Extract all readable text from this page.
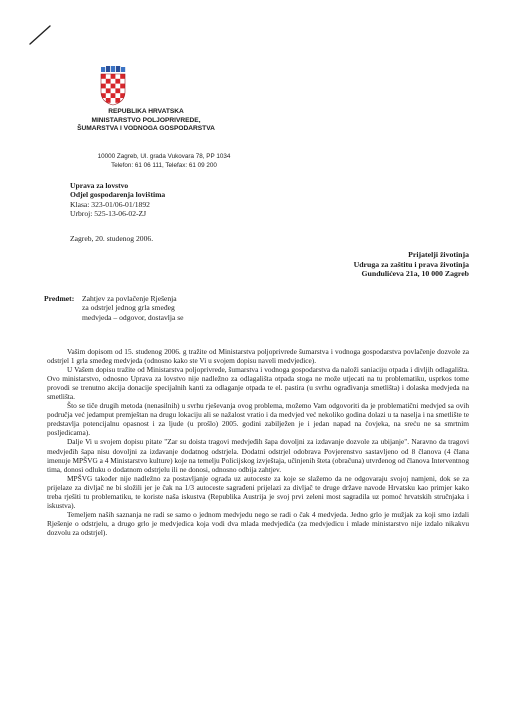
REPUBLIKA HRVATSKA
MINISTARSTVO POLJOPRIVREDE,
ŠUMARSTVA I VODNOGA GOSPODARSTVA
10000 Zagreb, Ul. grada Vukovara 78, PP 1034
Telefon: 61 06 111, Telefax: 61 09 200
Uprava za lovstvo
Odjel gospodarenja lovištima
Klasa: 323-01/06-01/1892
Urbroj: 525-13-06-02-ZJ
Zagreb, 20. studenog 2006.
Prijatelji životinja
Udruga za zaštitu i prava životinja
Gundulićeva 21a, 10 000 Zagreb
Predmet: Zahtjev za povlačenje Rješenja
za odstrjel jednog grla smeđeg
medvjeda – odgovor, dostavlja se

Vašim dopisom od 15. studenog 2006. g tražite od Ministarstva poljoprivrede šumarstva i vodnoga gospodarstva povlačenje dozvole za odstrjel 1 grla smeđeg medvjeda (odnosno kako ste Vi u svojem dopisu naveli medvjedice).

U Vašem dopisu tražite od Ministarstva poljoprivrede, šumarstva i vodnoga gospodarstva da naloži saniaciju otpada i divljih odlagališta. Ovo ministarstvo, odnosno Uprava za lovstvo nije nadležno za odlagališta otpada stoga ne može utjecati na tu problematiku, usprkos tome provodi se trenutno akcija donacije specijalnih kanti za odlaganje otpada te el. pastira (u svrhu ograđivanja smetlišta) i dolaska medvjeda na smetlišta.

Što se tiče drugih metoda (nenasilnih) u svrhu rješevanja ovog problema, možemo Vam odgovoriti da je problematični medvjed sa ovih područja već jedamput premještan na drugu lokaciju ali se nažalost vratio i da medvjed već nekoliko godina dolazi u ta naselja i na smetlište te predstavlja potencijalnu opasnost i za ljude (u prošlo) 2005. godini zabilježen je i jedan napad na čovjeka, na sreću ne sa smrtnim posljedicama).

Dalje Vi u svojem dopisu pitate "Zar su doista tragovi medvjeđih šapa dovoljni za izdavanje dozvole za ubijanje". Naravno da tragovi medvjeđih šapa nisu dovoljni za izdavanje dodatnog odstrjela. Dodatni odstrjel odobrava Povjerenstvo sastavljeno od 8 članova (4 člana imenuje MPŠVG a 4 Ministarstvo kulture) koje na temelju Policijskog izvještaja, učinjenih šteta (obračuna) utvrđenog od članova Interventnog tima, donosi odluku o dodatnom odstrjelu ili ne donosi, odnosno odbija zahtjev.

MPŠVG također nije nadležno za postavljanje ograda uz autoceste za koje se slažemo da ne odgovaraju svojoj namjeni, dok se za prijelaze za divljač ne bi složili jer je čak na 1/3 autoceste sagrađeni prijelazi za divljač te druge države navode Hrvatsku kao primjer kako treba rješiti tu problematiku, te koriste naša iskustva (Republika Austrija je svoj prvi zeleni most sagradila uz pomoć hrvatskih stručnjaka i iskustva).

Temeljem naših saznanja ne radi se samo o jednom medvjedu nego se radi o čak 4 medvjeda. Jedno grlo je mužjak za koji smo izdali Rješenje o odstrjelu, a drugo grlo je medvjedica koja vodi dva mlada medvjedića (za medvjedicu i mlade ministarstvo nije izdalo nikakvu dozvolu za odstrjel).
